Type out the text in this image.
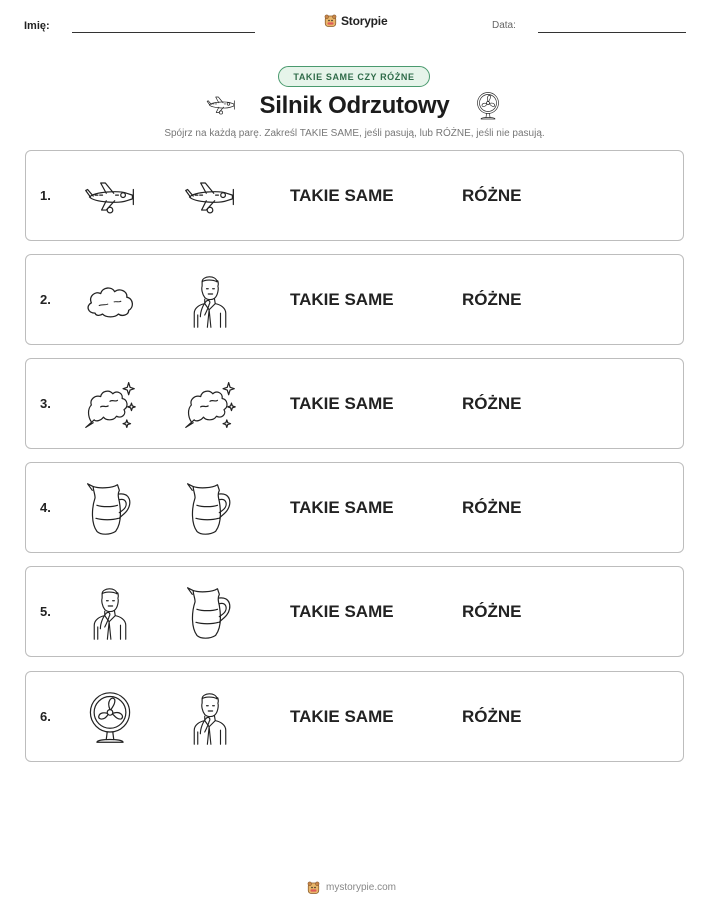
Imię:	Storypie	Data:
TAKIE SAME CZY RÓŻNE
Silnik Odrzutowy
Spójrz na każdą parę. Zakreśl TAKIE SAME, jeśli pasują, lub RÓŻNE, jeśli nie pasują.
1.	TAKIE SAME	RÓŻNE
2.	TAKIE SAME	RÓŻNE
3.	TAKIE SAME	RÓŻNE
4.	TAKIE SAME	RÓŻNE
5.	TAKIE SAME	RÓŻNE
6.	TAKIE SAME	RÓŻNE
mystorypie.com
